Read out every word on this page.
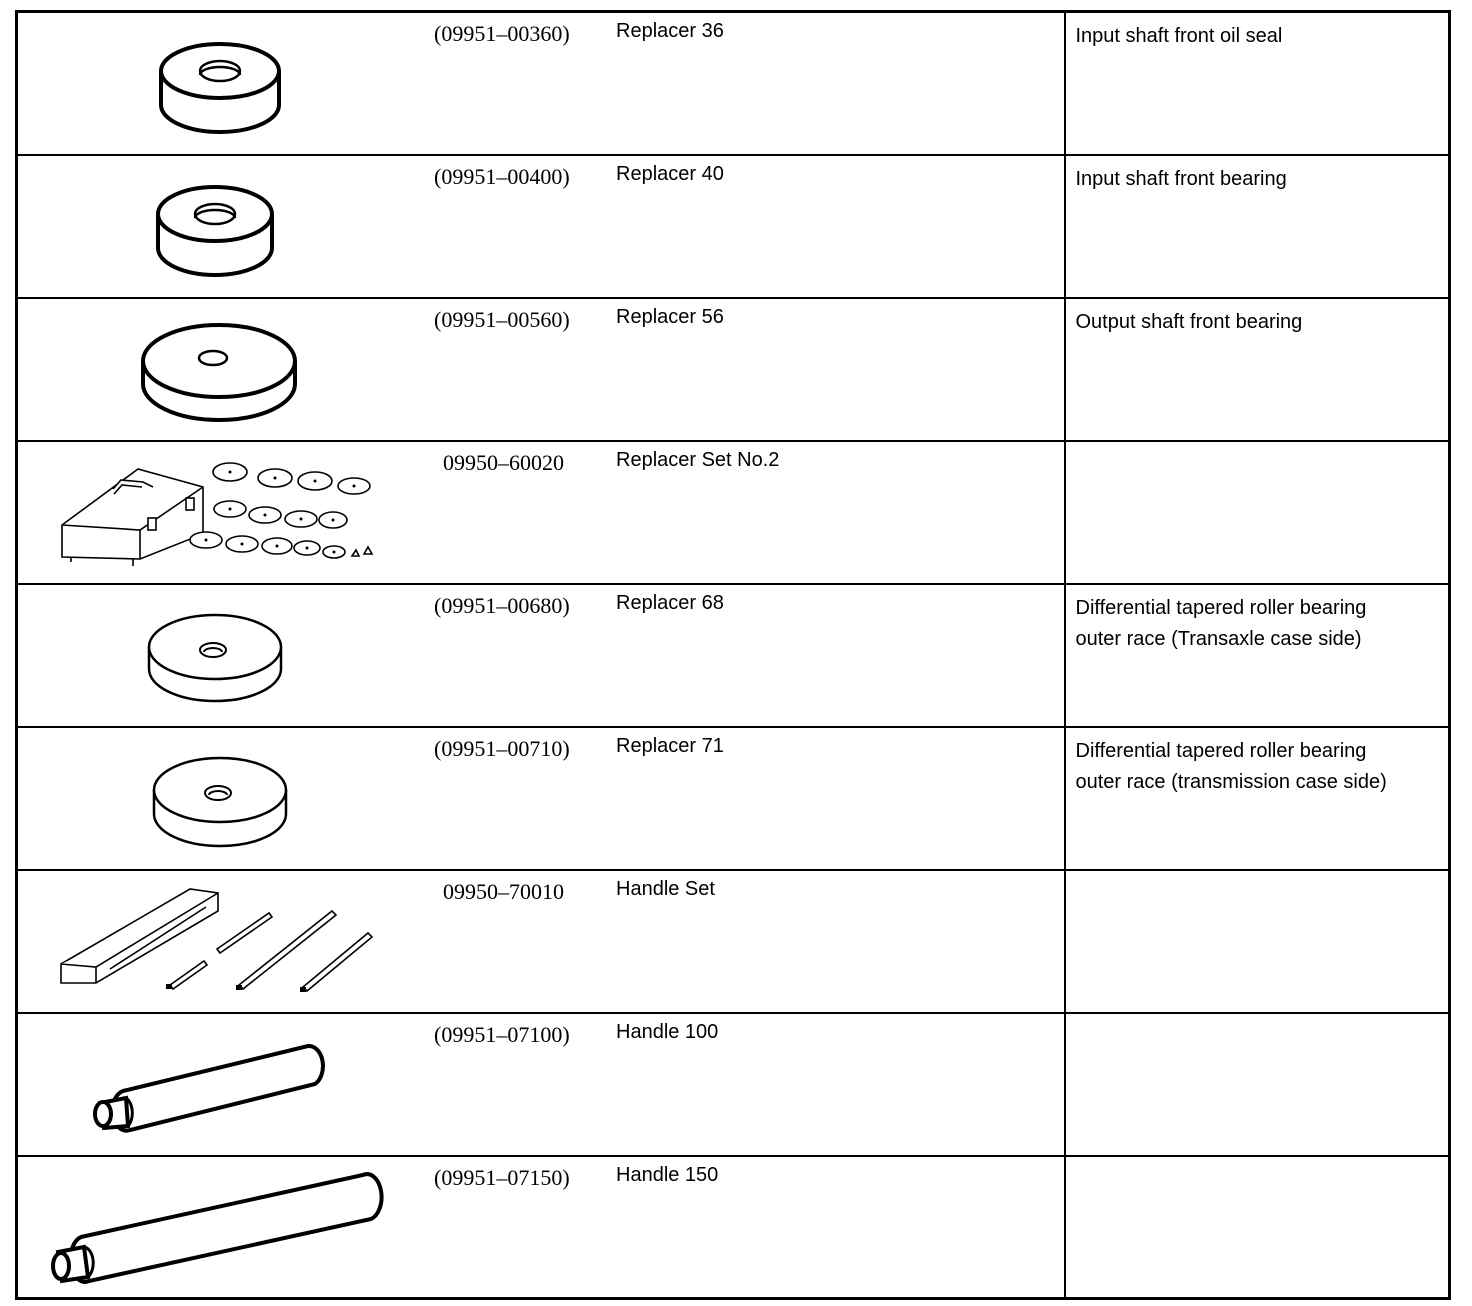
(09951–00360) Replacer 36	Input shaft front oil seal

(09951–00400) Replacer 40	Input shaft front bearing

(09951–00560) Replacer 56	Output shaft front bearing

09950–60020 Replacer Set No.2	

(09951–00680) Replacer 68	Differential tapered roller bearing
outer race (Transaxle case side)

(09951–00710) Replacer 71	Differential tapered roller bearing
outer race (transmission case side)

09950–70010 Handle Set	

(09951–07100) Handle 100	

(09951–07150) Handle 150	
